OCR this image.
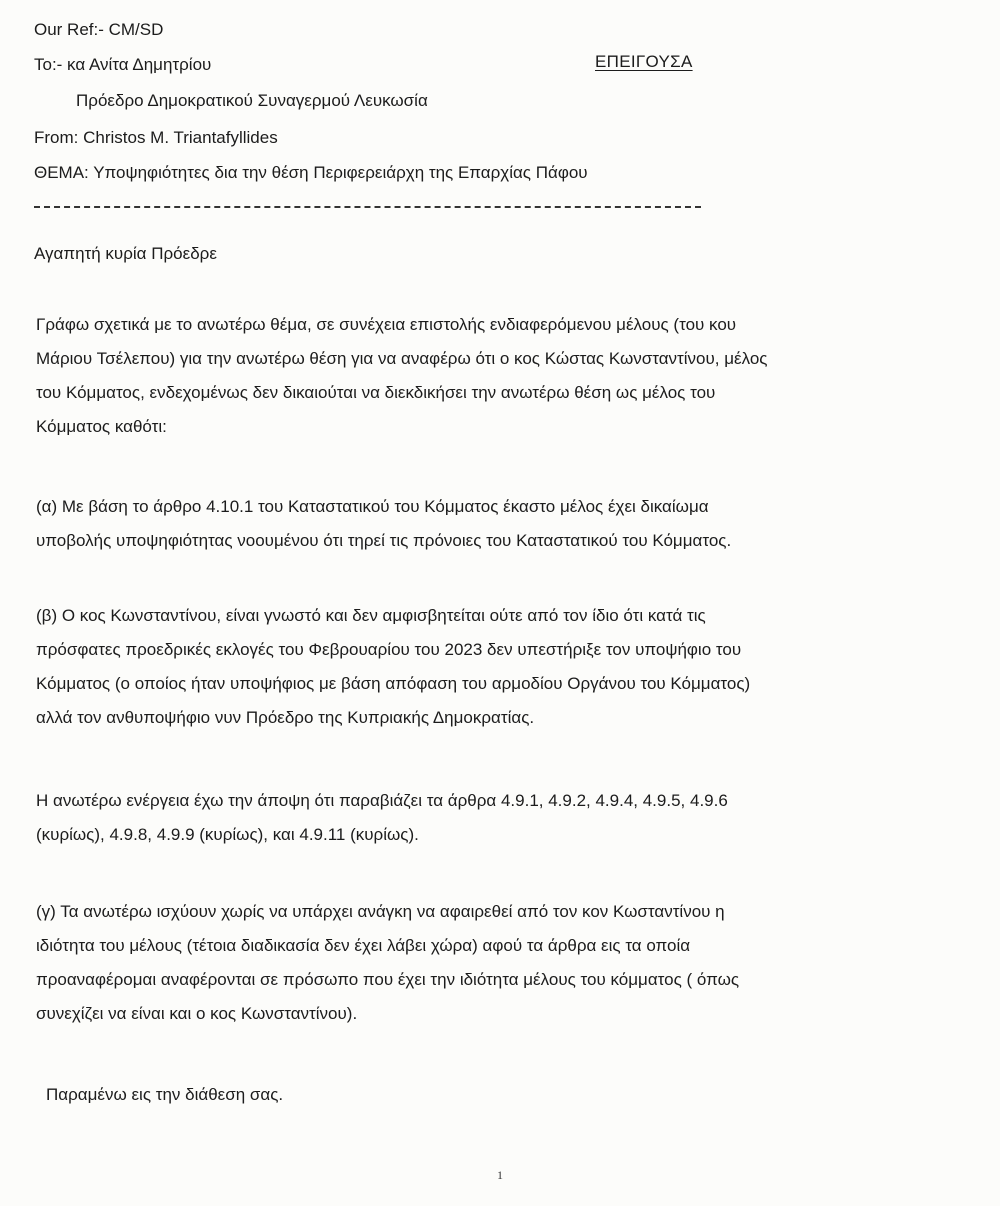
Our Ref:- CM/SD
To:- κα Ανίτα Δημητρίου	ΕΠΕΙΓΟΥΣΑ
Πρόεδρο Δημοκρατικού Συναγερμού Λευκωσία
From: Christos M. Triantafyllides
ΘΕΜΑ: Υποψηφιότητες δια την θέση Περιφερειάρχη της Επαρχίας Πάφου
Αγαπητή κυρία Πρόεδρε
Γράφω σχετικά με το ανωτέρω θέμα, σε συνέχεια επιστολής ενδιαφερόμενου μέλους (του κου
Μάριου Τσέλεπου) για την ανωτέρω θέση για να αναφέρω ότι ο κος Κώστας Κωνσταντίνου, μέλος
του Κόμματος, ενδεχομένως δεν δικαιούται να διεκδικήσει την ανωτέρω θέση ως μέλος του
Κόμματος καθότι:
(α) Με βάση το άρθρο 4.10.1 του Καταστατικού του Κόμματος έκαστο μέλος έχει δικαίωμα
υποβολής υποψηφιότητας νοουμένου ότι τηρεί τις πρόνοιες του Καταστατικού του Κόμματος.
(β) Ο κος Κωνσταντίνου, είναι γνωστό και δεν αμφισβητείται ούτε από τον ίδιο ότι κατά τις
πρόσφατες προεδρικές εκλογές του Φεβρουαρίου του 2023 δεν υπεστήριξε τον υποψήφιο του
Κόμματος (ο οποίος ήταν υποψήφιος με βάση απόφαση του αρμοδίου Οργάνου του Κόμματος)
αλλά τον ανθυποψήφιο νυν Πρόεδρο της Κυπριακής Δημοκρατίας.
Η ανωτέρω ενέργεια έχω την άποψη ότι παραβιάζει τα άρθρα 4.9.1, 4.9.2, 4.9.4, 4.9.5, 4.9.6
(κυρίως), 4.9.8, 4.9.9 (κυρίως), και 4.9.11 (κυρίως).
(γ) Τα ανωτέρω ισχύουν χωρίς να υπάρχει ανάγκη να αφαιρεθεί από τον κον Κωσταντίνου η
ιδιότητα του μέλους (τέτοια διαδικασία δεν έχει λάβει χώρα) αφού τα άρθρα εις τα οποία
προαναφέρομαι αναφέρονται σε πρόσωπο που έχει την ιδιότητα μέλους του κόμματος ( όπως
συνεχίζει να είναι και ο κος Κωνσταντίνου).
Παραμένω εις την διάθεση σας.
1
